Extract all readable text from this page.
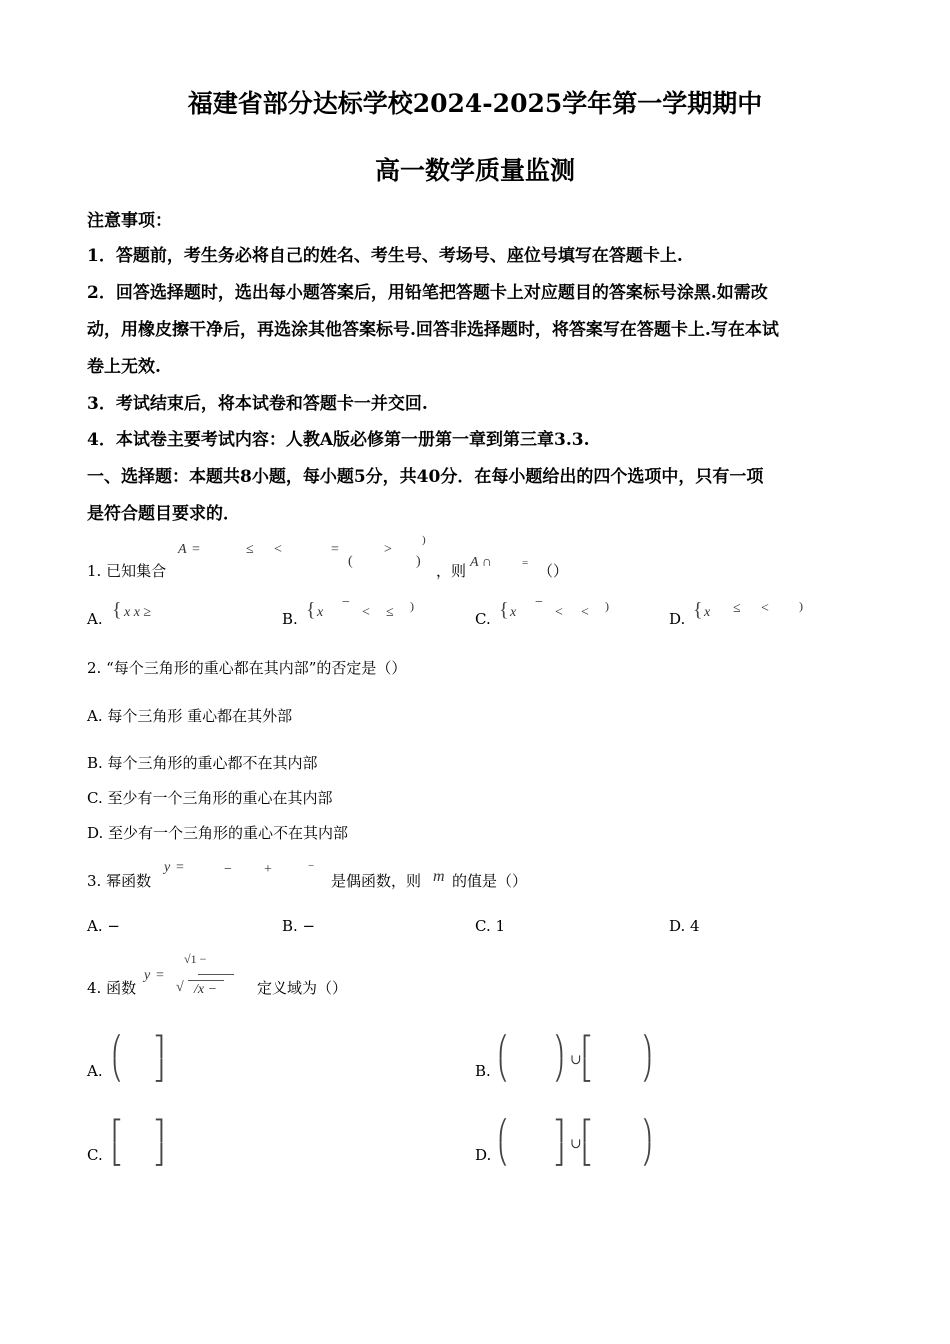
福建省部分达标学校2024-2025学年第一学期期中
高一数学质量监测
注意事项：
1．答题前，考生务必将自己的姓名、考生号、考场号、座位号填写在答题卡上.
2．回答选择题时，选出每小题答案后，用铅笔把答题卡上对应题目的答案标号涂黑.如需改
动，用橡皮擦干净后，再选涂其他答案标号.回答非选择题时，将答案写在答题卡上.写在本试
卷上无效.
3．考试结束后，将本试卷和答题卡一并交回.
4．本试卷主要考试内容：人教A版必修第一册第一章到第三章3.3.
一、选择题：本题共8小题，每小题5分，共40分．在每小题给出的四个选项中，只有一项
是符合题目要求的．
1. 已知集合
A =	≤ <	=	>
)
(	)
，则 A ∩	= （）
A. { x x ≥	B. { x
−
< ≤ )
C. { x
−
< < )
D. { x ≤ <	)
2. “每个三角形的重心都在其内部”的否定是（）
A. 每个三角形 重心都在其外部
B. 每个三角形的重心都不在其内部
C. 至少有一个三角形的重心在其内部
D. 至少有一个三角形的重心不在其内部
3. 幂函数
y =	− +	−
是偶函数，则 m 的值是（）
A. −	B. −	C. 1	D. 4
4. 函数
y =
√1 −
√ /x −	定义域为（）
A.
⎛
⎝
⎤
⎦	B.
⎛
⎝
⎞
⎠ ∪
⎡
⎣
⎞
⎠
C.
⎡
⎣
⎤
⎦	D.
⎛
⎝
⎤
⎦ ∪
⎡
⎣
⎞
⎠
